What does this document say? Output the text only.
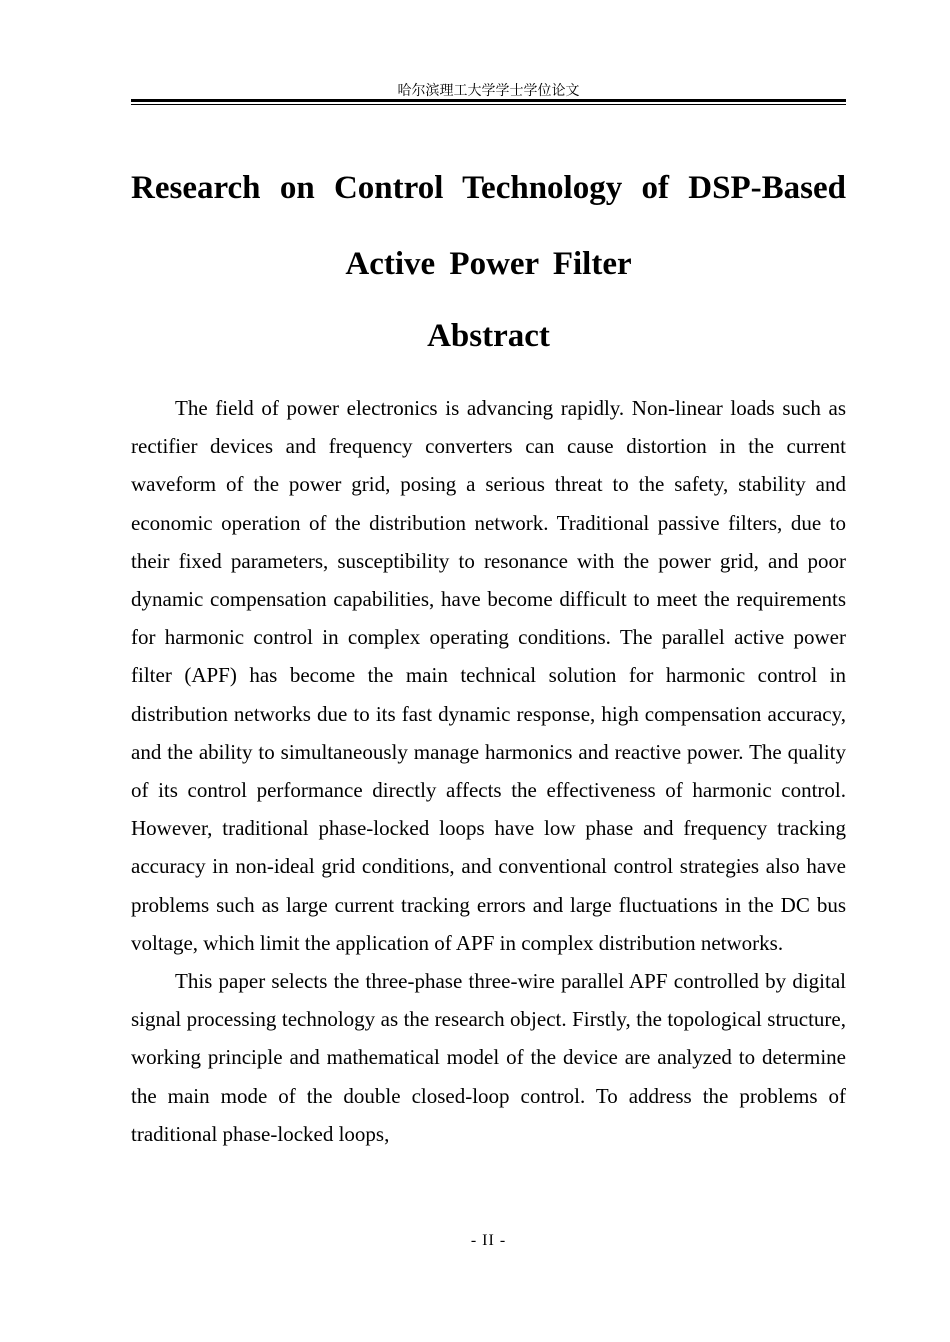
哈尔滨理工大学学士学位论文
Research on Control Technology of DSP-Based
Active Power Filter
Abstract

The field of power electronics is advancing rapidly. Non-linear loads such as rectifier devices and frequency converters can cause distortion in the current waveform of the power grid, posing a serious threat to the safety, stability and economic operation of the distribution network. Traditional passive filters, due to their fixed parameters, susceptibility to resonance with the power grid, and poor dynamic compensation capabilities, have become difficult to meet the requirements for harmonic control in complex operating conditions. The parallel active power filter (APF) has become the main technical solution for harmonic control in distribution networks due to its fast dynamic response, high compensation accuracy, and the ability to simultaneously manage harmonics and reactive power. The quality of its control performance directly affects the effectiveness of harmonic control. However, traditional phase-locked loops have low phase and frequency tracking accuracy in non-ideal grid conditions, and conventional control strategies also have problems such as large current tracking errors and large fluctuations in the DC bus voltage, which limit the application of APF in complex distribution networks.

This paper selects the three-phase three-wire parallel APF controlled by digital signal processing technology as the research object. Firstly, the topological structure, working principle and mathematical model of the device are analyzed to determine the main mode of the double closed-loop control. To address the problems of traditional phase-locked loops,

- II -
